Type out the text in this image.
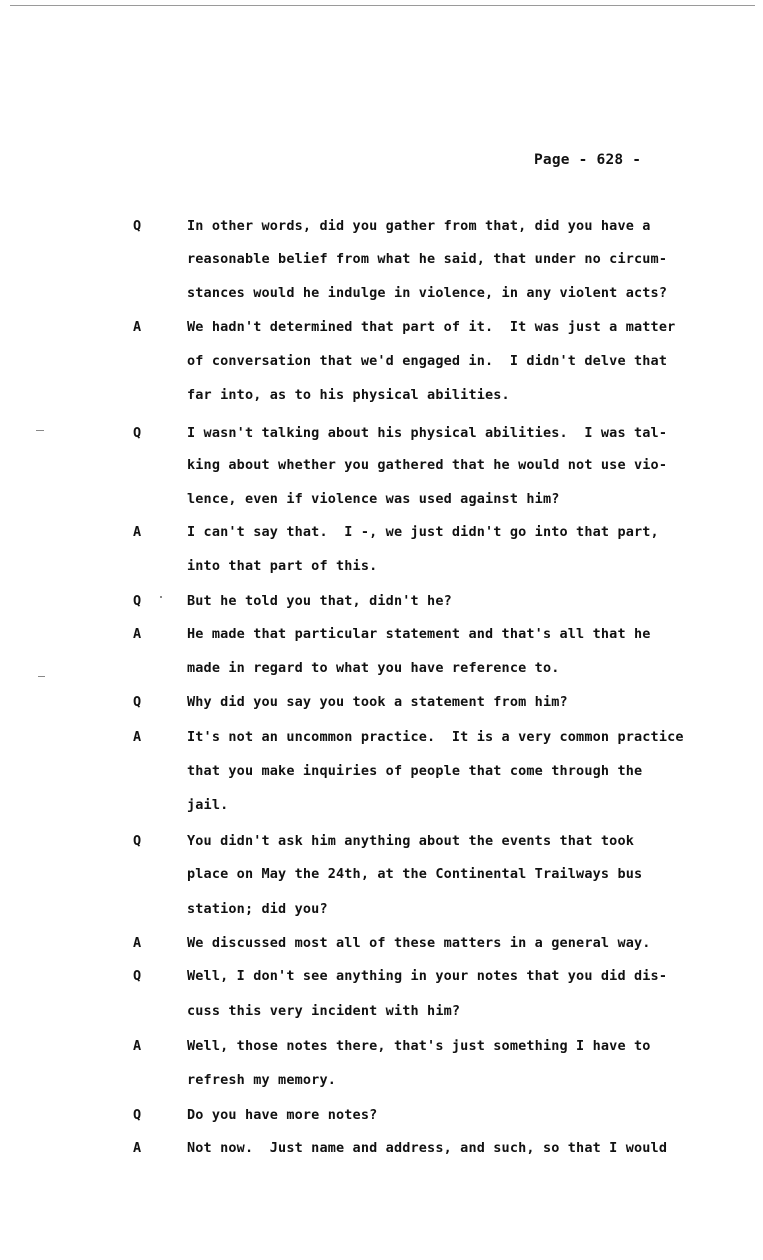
Page - 628 -
Q	In other words, did you gather from that, did you have a
reasonable belief from what he said, that under no circum-
stances would he indulge in violence, in any violent acts?
A	We hadn't determined that part of it.  It was just a matter
of conversation that we'd engaged in.  I didn't delve that
far into, as to his physical abilities.
Q	I wasn't talking about his physical abilities.  I was tal-
king about whether you gathered that he would not use vio-
lence, even if violence was used against him?
A	I can't say that.  I -, we just didn't go into that part,
into that part of this.
Q	But he told you that, didn't he?
A	He made that particular statement and that's all that he
made in regard to what you have reference to.
Q	Why did you say you took a statement from him?
A	It's not an uncommon practice.  It is a very common practice
that you make inquiries of people that come through the
jail.
Q	You didn't ask him anything about the events that took
place on May the 24th, at the Continental Trailways bus
station; did you?
A	We discussed most all of these matters in a general way.
Q	Well, I don't see anything in your notes that you did dis-
cuss this very incident with him?
A	Well, those notes there, that's just something I have to
refresh my memory.
Q	Do you have more notes?
A	Not now.  Just name and address, and such, so that I would
